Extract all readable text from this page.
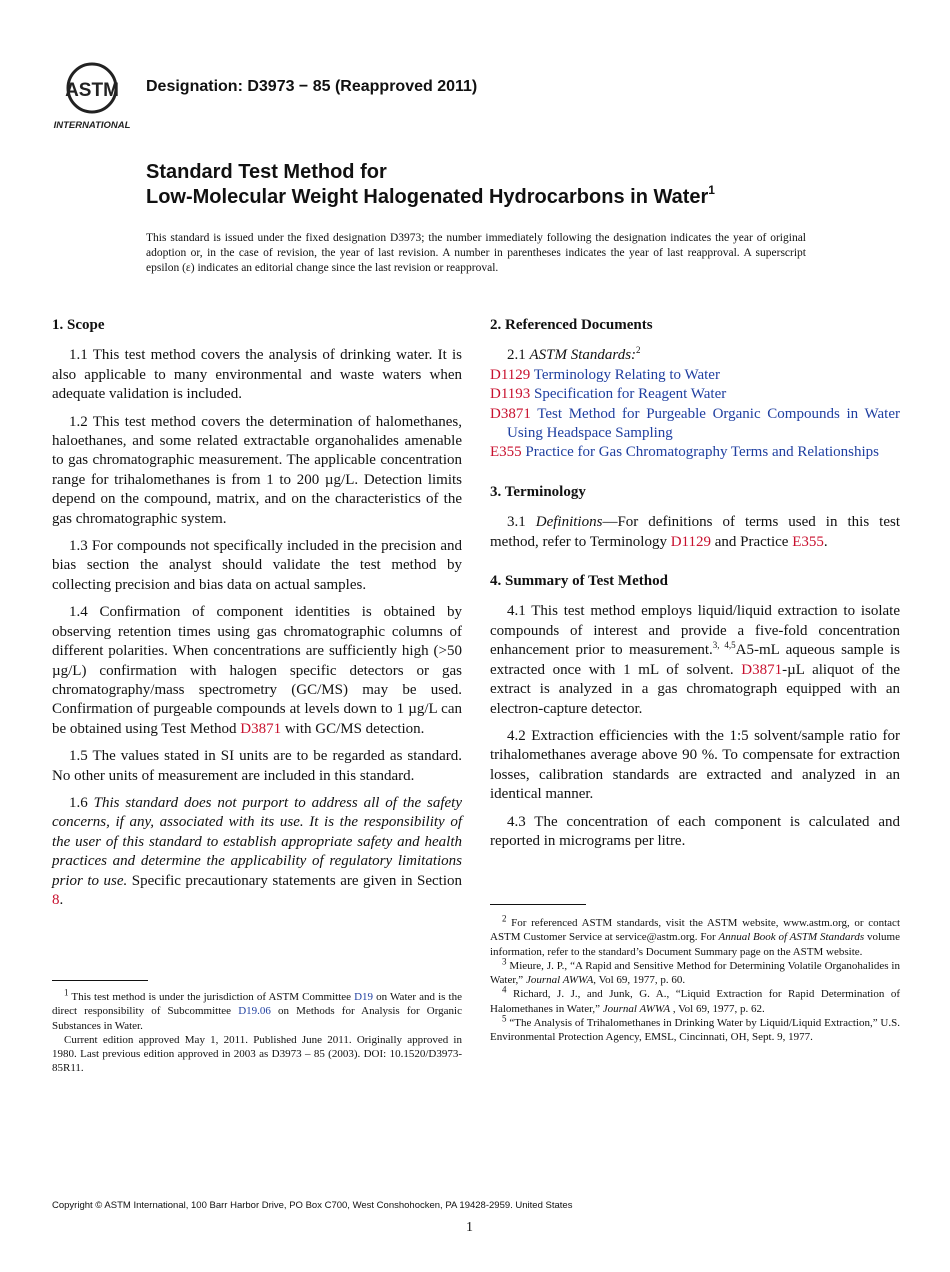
ASTM
INTERNATIONAL
Designation: D3973 − 85 (Reapproved 2011)
Standard Test Method for
Low-Molecular Weight Halogenated Hydrocarbons in Water$^1$
This standard is issued under the fixed designation D3973; the number immediately following the designation indicates the year of original adoption or, in the case of revision, the year of last revision. A number in parentheses indicates the year of last reapproval. A superscript epsilon (ε) indicates an editorial change since the last revision or reapproval.
1. Scope

1.1 This test method covers the analysis of drinking water. It is also applicable to many environmental and waste waters when adequate validation is included.

1.2 This test method covers the determination of halomethanes, haloethanes, and some related extractable organohalides amenable to gas chromatographic measurement. The applicable concentration range for trihalomethanes is from 1 to 200 µg/L. Detection limits depend on the compound, matrix, and on the characteristics of the gas chromatographic system.

1.3 For compounds not specifically included in the precision and bias section the analyst should validate the test method by collecting precision and bias data on actual samples.

1.4 Confirmation of component identities is obtained by observing retention times using gas chromatographic columns of different polarities. When concentrations are sufficiently high (>50 µg/L) confirmation with halogen specific detectors or gas chromatography/mass spectrometry (GC/MS) may be used. Confirmation of purgeable compounds at levels down to 1 µg/L can be obtained using Test Method D3871 with GC/MS detection.

1.5 The values stated in SI units are to be regarded as standard. No other units of measurement are included in this standard.

1.6 This standard does not purport to address all of the safety concerns, if any, associated with its use. It is the responsibility of the user of this standard to establish appropriate safety and health practices and determine the applicability of regulatory limitations prior to use. Specific precautionary statements are given in Section 8.

$^1$ This test method is under the jurisdiction of ASTM Committee D19 on Water and is the direct responsibility of Subcommittee D19.06 on Methods for Analysis for Organic Substances in Water.

Current edition approved May 1, 2011. Published June 2011. Originally approved in 1980. Last previous edition approved in 2003 as D3973 – 85 (2003). DOI: 10.1520/D3973-85R11.

2. Referenced Documents

2.1 ASTM Standards:$^2$

D1129 Terminology Relating to Water
D1193 Specification for Reagent Water
D3871 Test Method for Purgeable Organic Compounds in Water Using Headspace Sampling
E355 Practice for Gas Chromatography Terms and Relationships
3. Terminology

3.1 Definitions—For definitions of terms used in this test method, refer to Terminology D1129 and Practice E355.

4. Summary of Test Method

4.1 This test method employs liquid/liquid extraction to isolate compounds of interest and provide a five-fold concentration enhancement prior to measurement.$^{3, 4,5}$A5-mL aqueous sample is extracted once with 1 mL of solvent. D3871-µL aliquot of the extract is analyzed in a gas chromatograph equipped with an electron-capture detector.

4.2 Extraction efficiencies with the 1:5 solvent/sample ratio for trihalomethanes average above 90 %. To compensate for extraction losses, calibration standards are extracted and analyzed in an identical manner.

4.3 The concentration of each component is calculated and reported in micrograms per litre.

$^2$ For referenced ASTM standards, visit the ASTM website, www.astm.org, or contact ASTM Customer Service at service@astm.org. For Annual Book of ASTM Standards volume information, refer to the standard’s Document Summary page on the ASTM website.

$^3$ Mieure, J. P., “A Rapid and Sensitive Method for Determining Volatile Organohalides in Water,” Journal AWWA, Vol 69, 1977, p. 60.

$^4$ Richard, J. J., and Junk, G. A., “Liquid Extraction for Rapid Determination of Halomethanes in Water,” Journal AWWA , Vol 69, 1977, p. 62.

$^5$ “The Analysis of Trihalomethanes in Drinking Water by Liquid/Liquid Extraction,” U.S. Environmental Protection Agency, EMSL, Cincinnati, OH, Sept. 9, 1977.

Copyright © ASTM International, 100 Barr Harbor Drive, PO Box C700, West Conshohocken, PA 19428-2959. United States
1
